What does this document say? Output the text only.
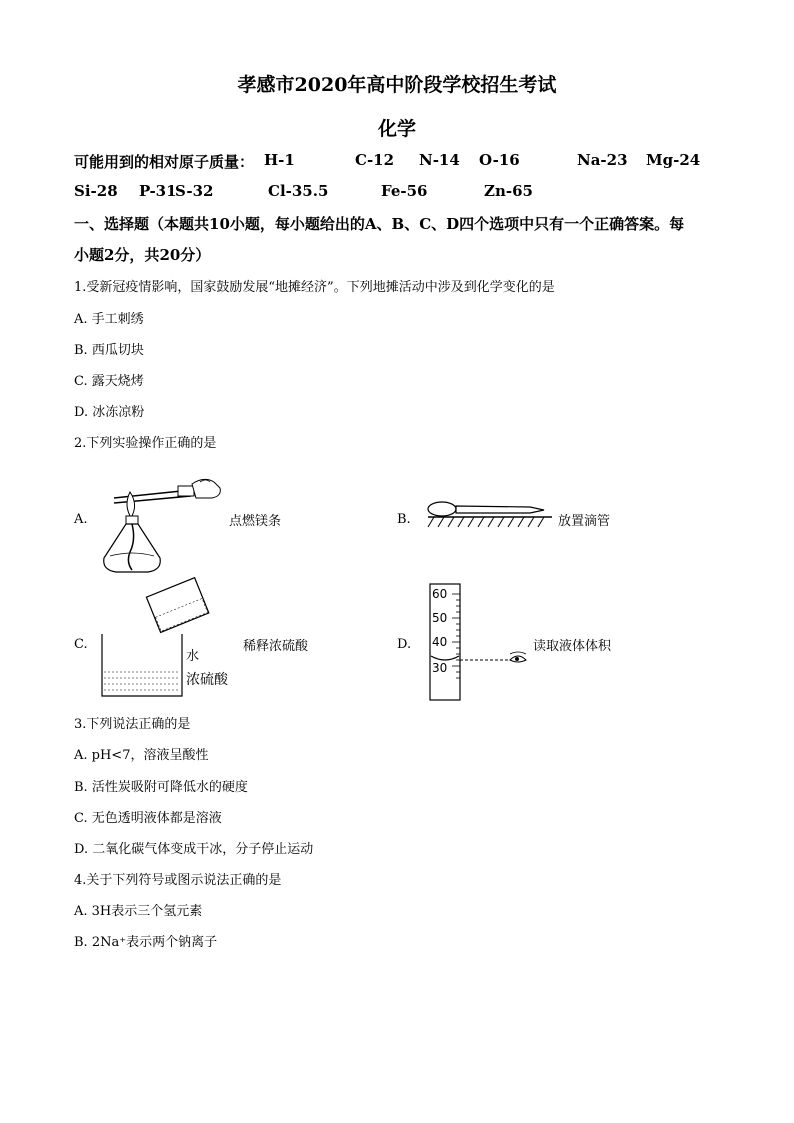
孝感市2020年高中阶段学校招生考试
化学
可能用到的相对原子质量： H-1	C-12 N-14 O-16	Na-23 Mg-24
Si-28 P-31
S-32	Cl-35.5	Fe-56	Zn-65
一、选择题（本题共10小题，每小题给出的A、B、C、D四个选项中只有一个正确答案。每
小题2分，共20分）
1.受新冠疫情影响，国家鼓励发展“地摊经济”。下列地摊活动中涉及到化学变化的是
A. 手工刺绣
B. 西瓜切块
C. 露天烧烤
D. 冰冻凉粉
2.下列实验操作正确的是
A.	点燃镁条	B.	放置滴管
C.	稀释浓硫酸	D.	读取液体体积
水
浓硫酸
60
50
40
30
3.下列说法正确的是
A. pH<7，溶液呈酸性
B. 活性炭吸附可降低水的硬度
C. 无色透明液体都是溶液
D. 二氧化碳气体变成干冰，分子停止运动
4.关于下列符号或图示说法正确的是
A. 3H表示三个氢元素
B. 2Na⁺表示两个钠离子
